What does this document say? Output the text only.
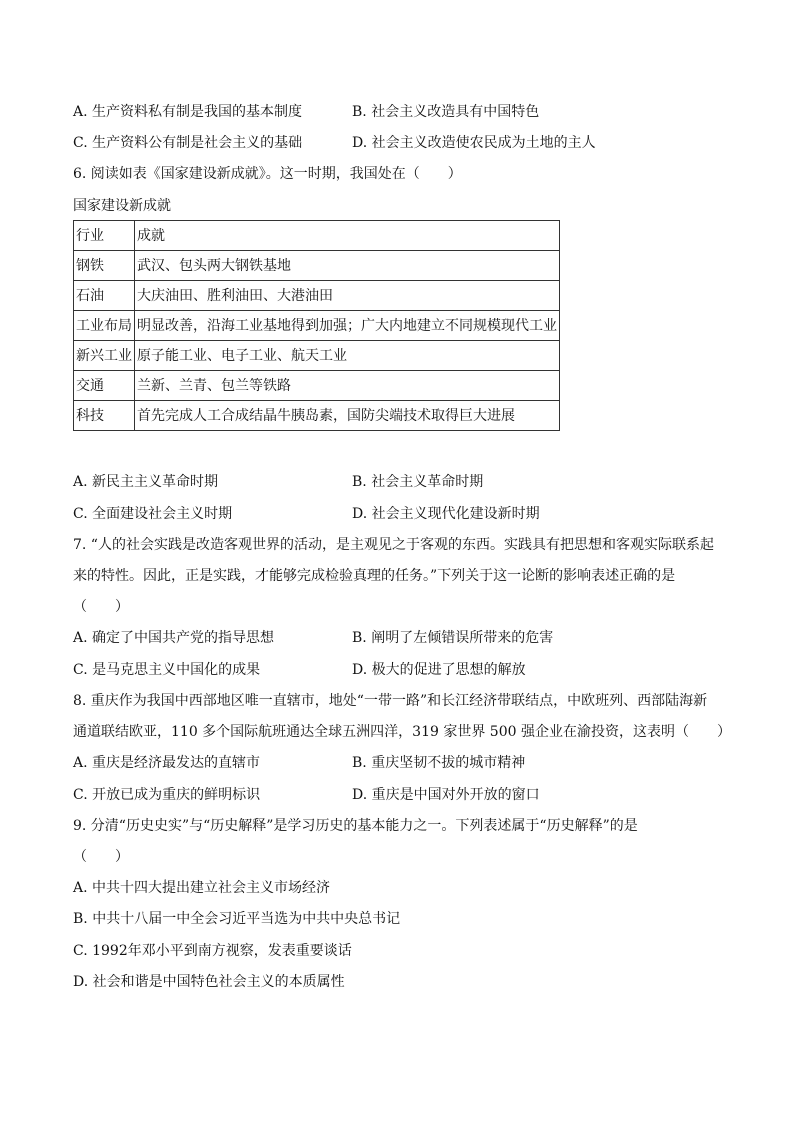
A. 生产资料私有制是我国的基本制度	B. 社会主义改造具有中国特色
C. 生产资料公有制是社会主义的基础	D. 社会主义改造使农民成为土地的主人
6. 阅读如表《国家建设新成就》。这一时期，我国处在（　　）
国家建设新成就
行业	成就
钢铁	武汉、包头两大钢铁基地
石油	大庆油田、胜利油田、大港油田
工业布局	明显改善，沿海工业基地得到加强；广大内地建立不同规模现代工业
新兴工业	原子能工业、电子工业、航天工业
交通	兰新、兰青、包兰等铁路
科技	首先完成人工合成结晶牛胰岛素，国防尖端技术取得巨大进展
A. 新民主主义革命时期	B. 社会主义革命时期
C. 全面建设社会主义时期	D. 社会主义现代化建设新时期
7. “人的社会实践是改造客观世界的活动，是主观见之于客观的东西。实践具有把思想和客观实际联系起
来的特性。因此，正是实践，才能够完成检验真理的任务。”下列关于这一论断的影响表述正确的是
（　　）
A. 确定了中国共产党的指导思想	B. 阐明了左倾错误所带来的危害
C. 是马克思主义中国化的成果	D. 极大的促进了思想的解放
8. 重庆作为我国中西部地区唯一直辖市，地处“一带一路”和长江经济带联结点，中欧班列、西部陆海新
通道联结欧亚，110 多个国际航班通达全球五洲四洋，319 家世界 500 强企业在渝投资，这表明（　　）
A. 重庆是经济最发达的直辖市	B. 重庆坚韧不拔的城市精神
C. 开放已成为重庆的鲜明标识	D. 重庆是中国对外开放的窗口
9. 分清“历史史实”与“历史解释”是学习历史的基本能力之一。下列表述属于“历史解释”的是
（　　）
A. 中共十四大提出建立社会主义市场经济
B. 中共十八届一中全会习近平当选为中共中央总书记
C. 1992年邓小平到南方视察，发表重要谈话
D. 社会和谐是中国特色社会主义的本质属性
